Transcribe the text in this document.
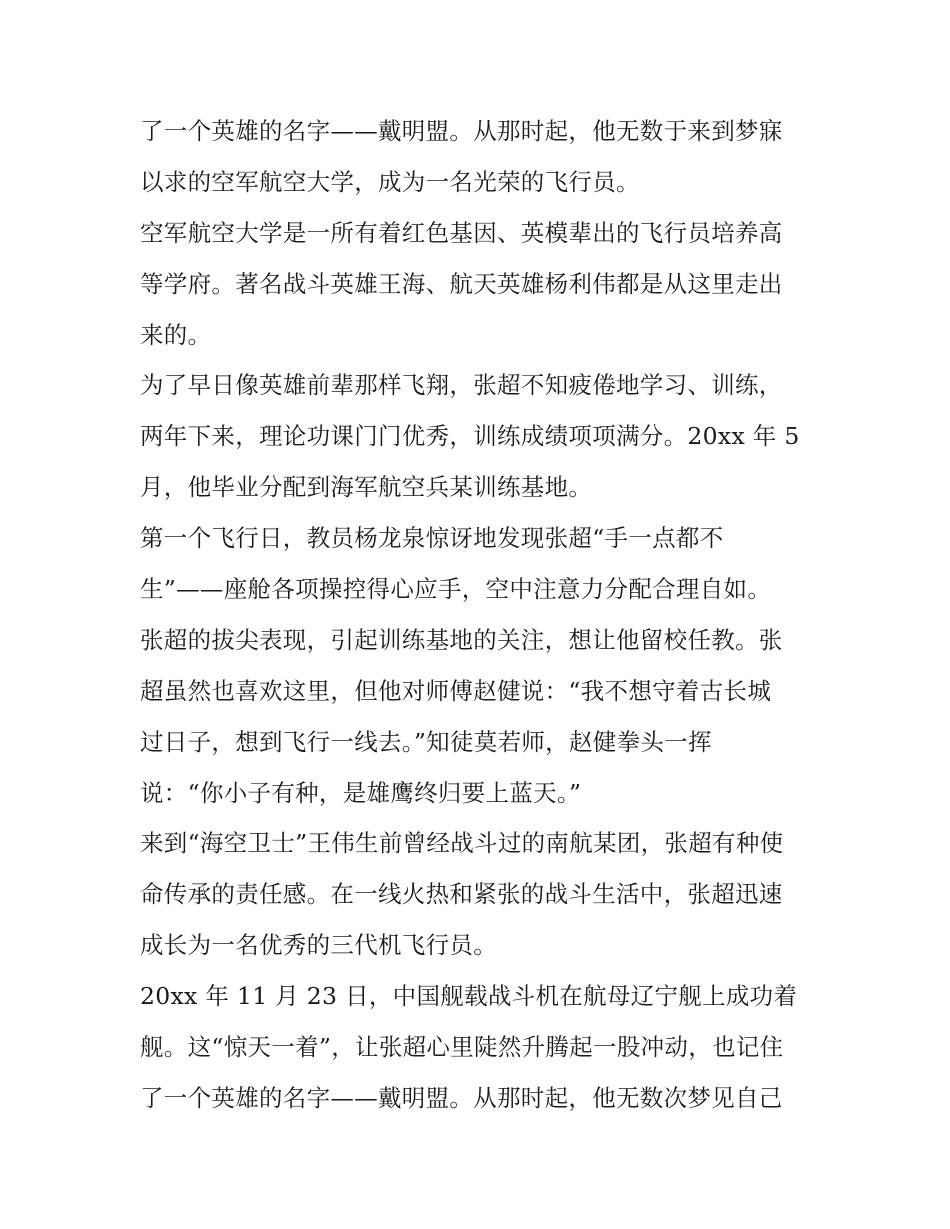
了一个英雄的名字——戴明盟。从那时起，他无数于来到梦寐
以求的空军航空大学，成为一名光荣的飞行员。
空军航空大学是一所有着红色基因、英模辈出的飞行员培养高
等学府。著名战斗英雄王海、航天英雄杨利伟都是从这里走出
来的。
为了早日像英雄前辈那样飞翔，张超不知疲倦地学习、训练，
两年下来，理论功课门门优秀，训练成绩项项满分。20xx 年 5
月，他毕业分配到海军航空兵某训练基地。
第一个飞行日，教员杨龙泉惊讶地发现张超“手一点都不
生”——座舱各项操控得心应手，空中注意力分配合理自如。
张超的拔尖表现，引起训练基地的关注，想让他留校任教。张
超虽然也喜欢这里，但他对师傅赵健说：“我不想守着古长城
过日子，想到飞行一线去。”知徒莫若师，赵健拳头一挥
说：“你小子有种，是雄鹰终归要上蓝天。”
来到“海空卫士”王伟生前曾经战斗过的南航某团，张超有种使
命传承的责任感。在一线火热和紧张的战斗生活中，张超迅速
成长为一名优秀的三代机飞行员。
20xx 年 11 月 23 日，中国舰载战斗机在航母辽宁舰上成功着
舰。这“惊天一着”，让张超心里陡然升腾起一股冲动，也记住
了一个英雄的名字——戴明盟。从那时起，他无数次梦见自己
